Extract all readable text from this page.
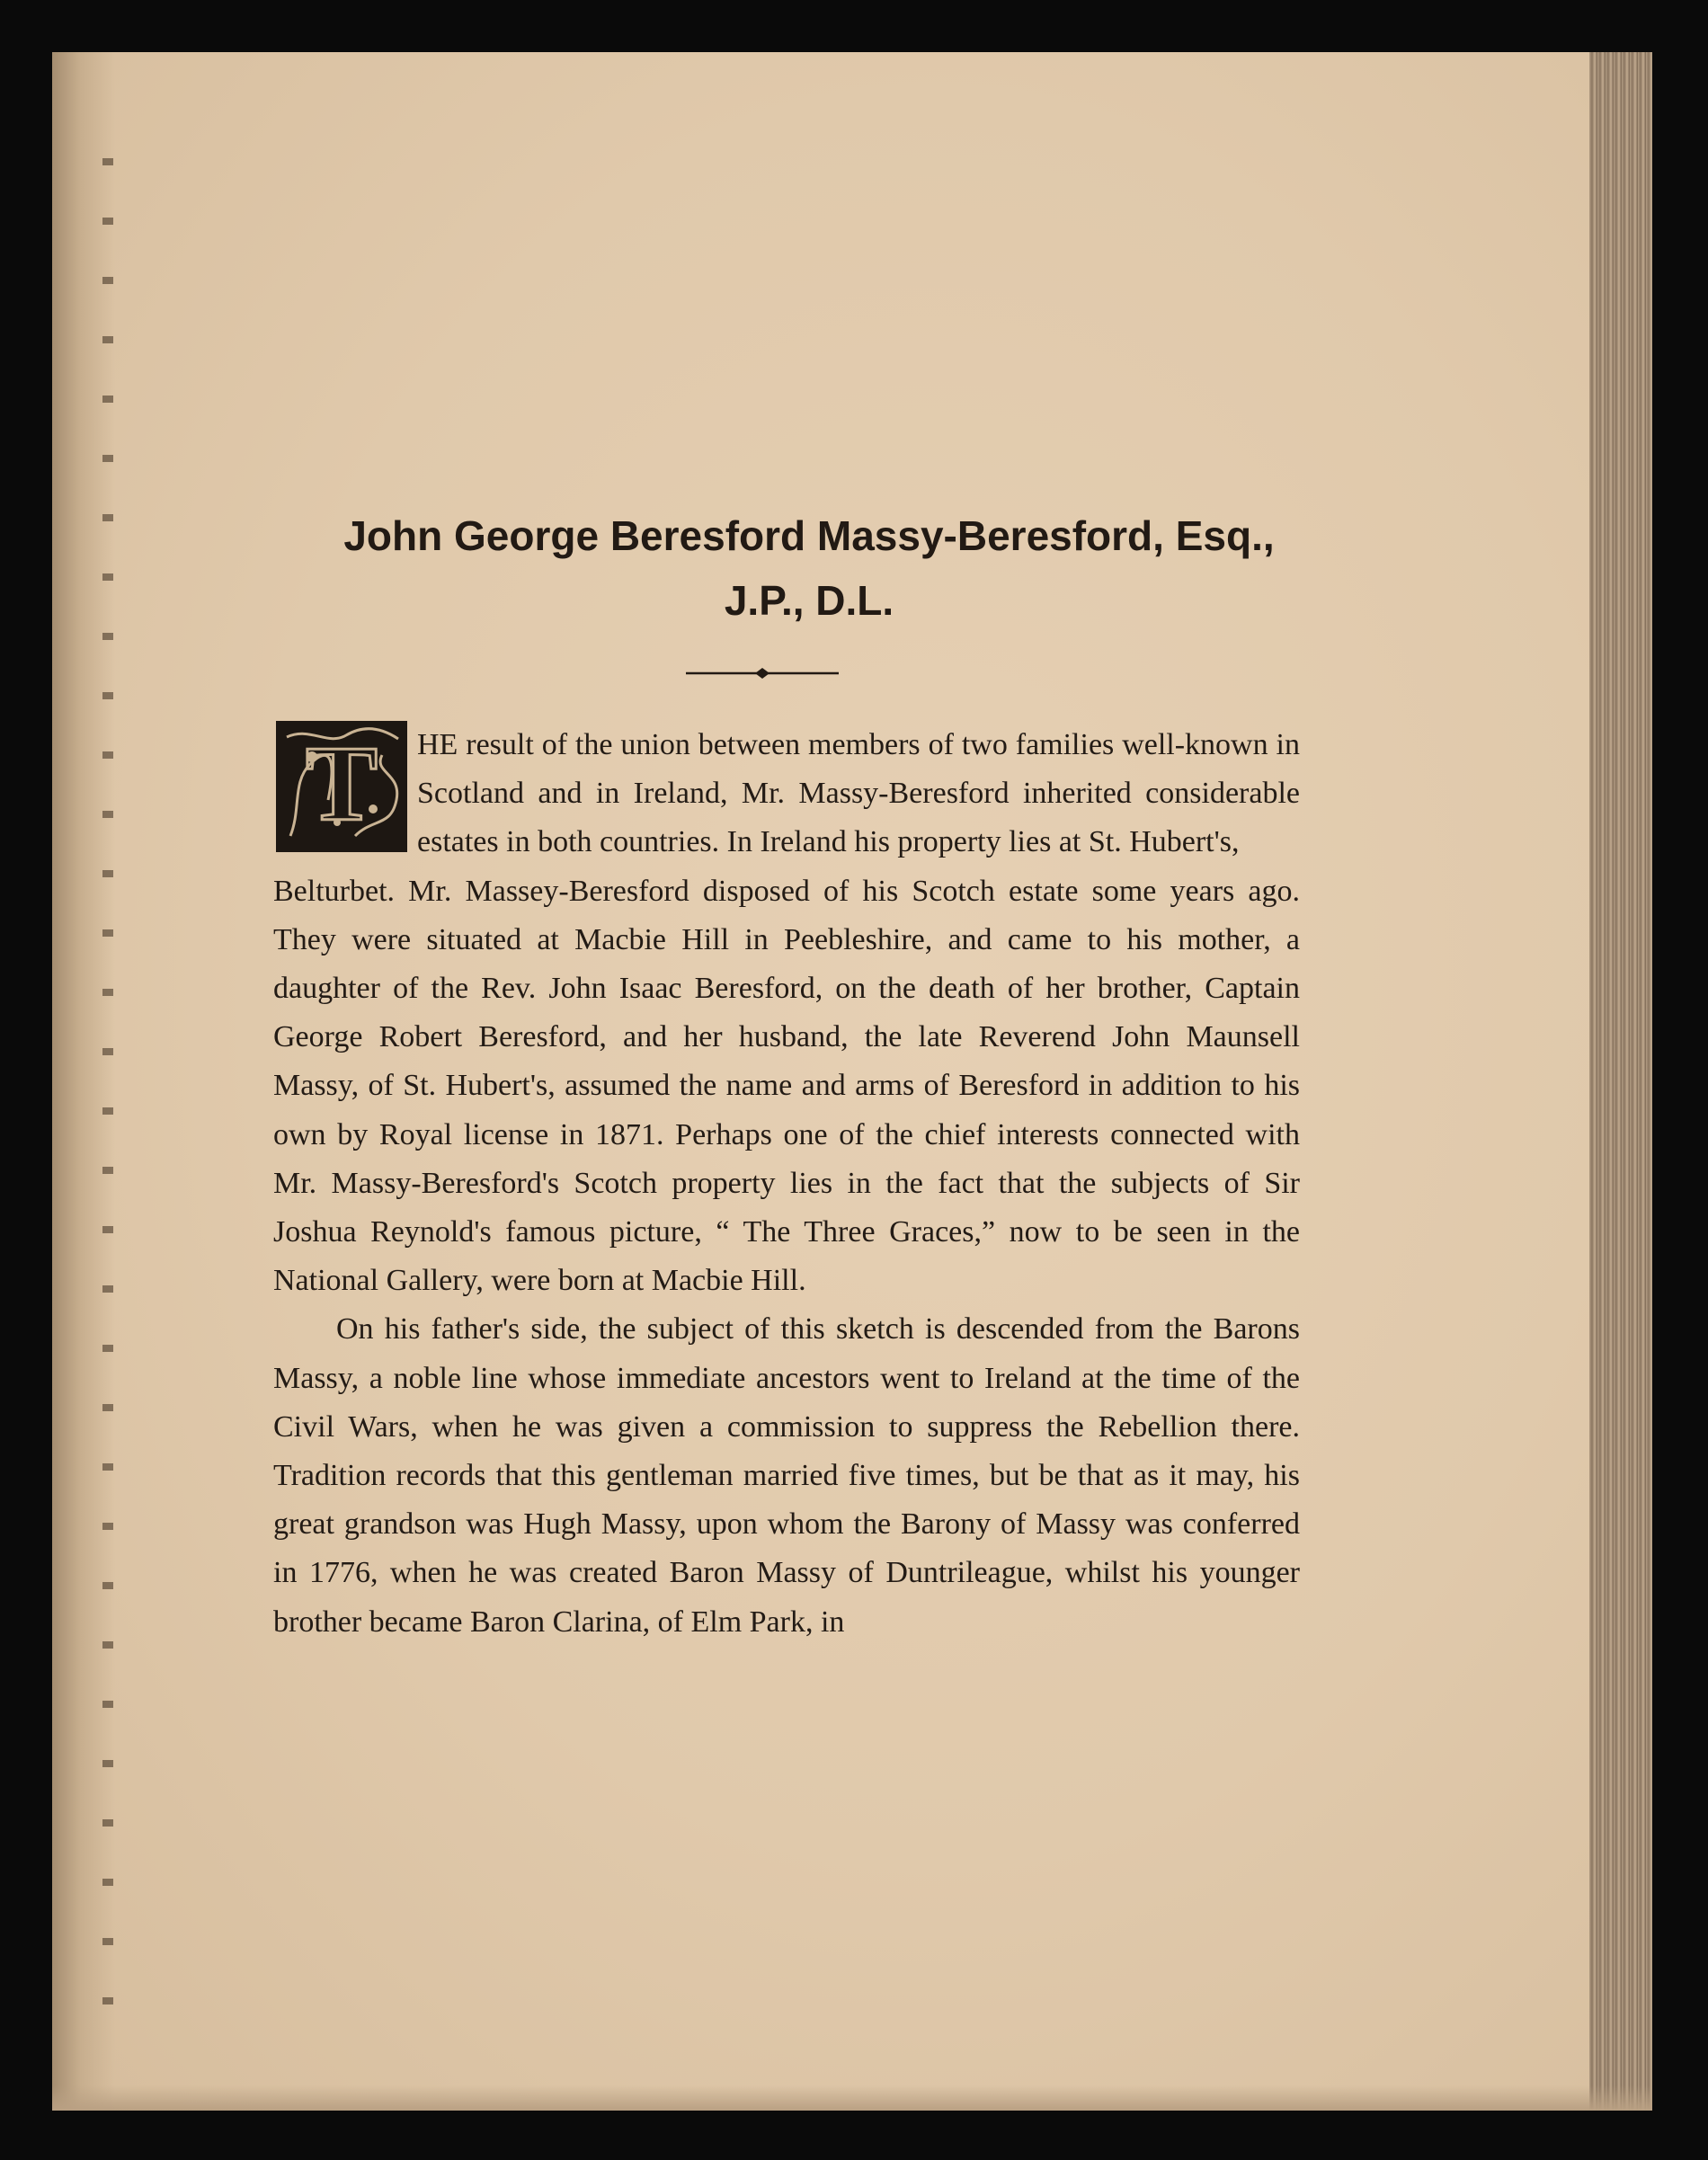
John George Beresford Massy-Beresford, Esq.,
J.P., D.L.
T	HE result of the union between members of two families well-known in Scotland and in Ireland, Mr. Massy-Beresford inherited considerable estates in both countries. In Ireland his property lies at St. Hubert's,
Belturbet. Mr. Massey-Beresford disposed of his Scotch estate some years ago. They were situated at Macbie Hill in Peebleshire, and came to his mother, a daughter of the Rev. John Isaac Beresford, on the death of her brother, Captain George Robert Beresford, and her husband, the late Reverend John Maunsell Massy, of St. Hubert's, assumed the name and arms of Beresford in addition to his own by Royal license in 1871. Perhaps one of the chief interests connected with Mr. Massy-Beresford's Scotch property lies in the fact that the subjects of Sir Joshua Reynold's famous picture, “ The Three Graces,” now to be seen in the National Gallery, were born at Macbie Hill.

On his father's side, the subject of this sketch is descended from the Barons Massy, a noble line whose immediate ancestors went to Ireland at the time of the Civil Wars, when he was given a commission to suppress the Rebellion there. Tradition records that this gentleman married five times, but be that as it may, his great grandson was Hugh Massy, upon whom the Barony of Massy was conferred in 1776, when he was created Baron Massy of Duntrileague, whilst his younger brother became Baron Clarina, of Elm Park, in
